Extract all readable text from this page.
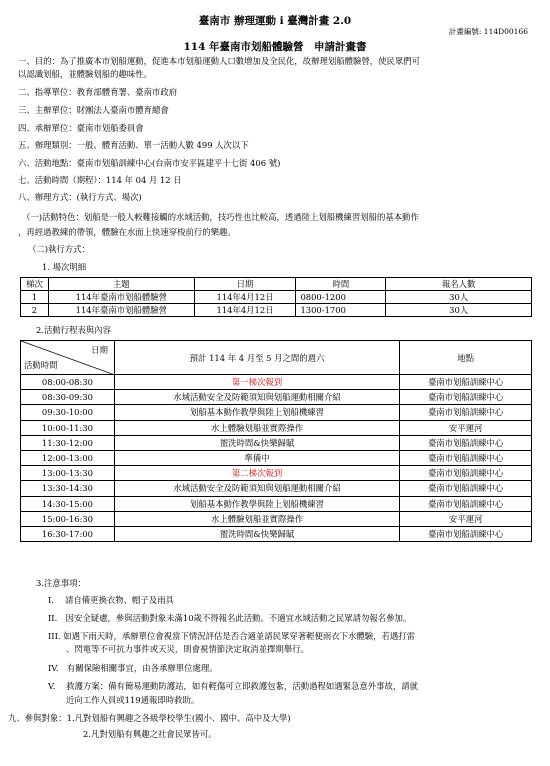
臺南市 辦理運動 i 臺灣計畫 2.0
計畫編號: 114D00166
114 年臺南市划船體驗營　申請計畫書
一、目的：為了推廣本市划船運動，促進本市划船運動人口數增加及全民化，故辦理划船體驗營，使民眾們可
以認識划船，並體驗划船的趣味性。
二、指導單位：教育部體育署、臺南市政府
三、主辦單位：財團法人臺南市體育總會
四、承辦單位：臺南市划船委員會
五、辦理類別：一般、體育活動、單一活動人數 499 人次以下
六、活動地點：臺南市划船訓練中心(台南市安平區建平十七街 406 號)
七、活動時間（期程）：114 年 04 月 12 日
八、辦理方式：(執行方式、場次)
（一)活動特色：划船是一般人較難接觸的水域活動，技巧性也比較高，透過陸上划船機練習划船的基本動作
，再經過教練的帶領，體驗在水面上快速穿梭前行的樂趣。
（二)執行方式：
1. 場次明細
梯次	主題	日期	時間	報名人數
1	114年臺南市划船體驗營	114年4月12日	0800-1200	30人
2	114年臺南市划船體驗營	114年4月12日	1300-1700	30人
2.活動行程表與內容
日期
活動時間	預計 114 年 4 月至 5 月之間的週六	地點
08:00-08:30	第一梯次報到	臺南市划船訓練中心
08:30-09:30	水域活動安全及防範須知與划船運動相關介紹	臺南市划船訓練中心
09:30-10:00	划船基本動作教學與陸上划船機練習	臺南市划船訓練中心
10:00-11:30	水上體驗划船並實際操作	安平運河
11:30-12:00	盥洗時間&快樂歸賦	臺南市划船訓練中心
12:00-13:00	準備中	臺南市划船訓練中心
13:00-13:30	第二梯次報到	臺南市划船訓練中心
13:30-14:30	水域活動安全及防範須知與划船運動相關介紹	臺南市划船訓練中心
14:30-15:00	划船基本動作教學與陸上划船機練習	臺南市划船訓練中心
15:00-16:30	水上體驗划船並實際操作	安平運河
16:30-17:00	盥洗時間&快樂歸賦	臺南市划船訓練中心
3.注意事項：
I.　 請自備更換衣物、帽子及雨具
II.　因安全疑慮，參與活動對象未滿10歲不得報名此活動。不適宜水域活動之民眾請勿報名參加。
III. 如遇下雨天時，承辦單位會視當下情況評估是否合適並請民眾穿著輕便雨衣下水體驗，若遇打雷
、閃電等不可抗力事件或天災，則會視情節決定取消並擇期舉行。
IV.　有關保險相關事宜，由各承辦單位處理。
V.　 救護方案：備有簡易運動防護站，如有輕傷可立即救護包紮，活動過程如遇緊急意外事故，請就
近向工作人員或119通報即時救助。
九、參與對象：1.凡對划船有興趣之各級學校學生(國小、國中、高中及大學)
2.凡對划船有興趣之社會民眾皆可。
